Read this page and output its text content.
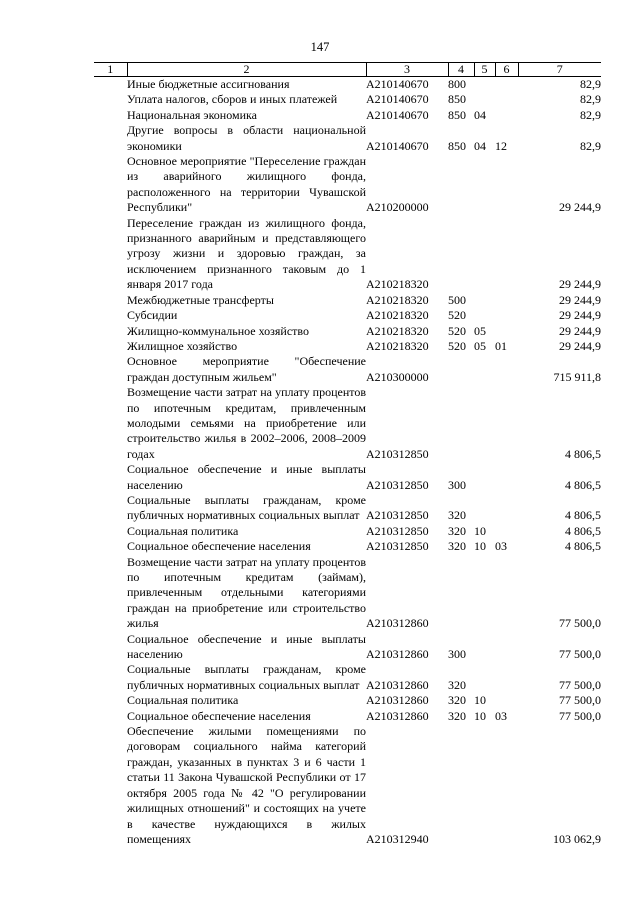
147
1	2	3	4	5	6	7
	Иные бюджетные ассигнования	А210140670	800			82,9
	Уплата налогов, сборов и иных платежей	А210140670	850			82,9
	Национальная экономика	А210140670	850	04		82,9
	Другие вопросы в области национальной экономики	А210140670	850	04	12	82,9
	Основное мероприятие "Переселение граждан из аварийного жилищного фонда, расположенного на территории Чувашской Республики"	А210200000				29 244,9
	Переселение граждан из жилищного фонда, признанного аварийным и представляющего угрозу жизни и здоровью граждан, за исключением признанного таковым до 1 января 2017 года	А210218320				29 244,9
	Межбюджетные трансферты	А210218320	500			29 244,9
	Субсидии	А210218320	520			29 244,9
	Жилищно-коммунальное хозяйство	А210218320	520	05		29 244,9
	Жилищное хозяйство	А210218320	520	05	01	29 244,9
	Основное мероприятие "Обеспечение граждан доступным жильем"	А210300000				715 911,8
	Возмещение части затрат на уплату процентов по ипотечным кредитам, привлеченным молодыми семьями на приобретение или строительство жилья в 2002–2006, 2008–2009 годах	А210312850				4 806,5
	Социальное обеспечение и иные выплаты населению	А210312850	300			4 806,5
	Социальные выплаты гражданам, кроме публичных нормативных социальных выплат	А210312850	320			4 806,5
	Социальная политика	А210312850	320	10		4 806,5
	Социальное обеспечение населения	А210312850	320	10	03	4 806,5
	Возмещение части затрат на уплату процентов по ипотечным кредитам (займам), привлеченным отдельными категориями граждан на приобретение или строительство жилья	А210312860				77 500,0
	Социальное обеспечение и иные выплаты населению	А210312860	300			77 500,0
	Социальные выплаты гражданам, кроме публичных нормативных социальных выплат	А210312860	320			77 500,0
	Социальная политика	А210312860	320	10		77 500,0
	Социальное обеспечение населения	А210312860	320	10	03	77 500,0
	Обеспечение жилыми помещениями по договорам социального найма категорий граждан, указанных в пунктах 3 и 6 части 1 статьи 11 Закона Чувашской Республики от 17 октября 2005 года № 42 "О регулировании жилищных отношений" и состоящих на учете в качестве нуждающихся в жилых помещениях	А210312940				103 062,9
